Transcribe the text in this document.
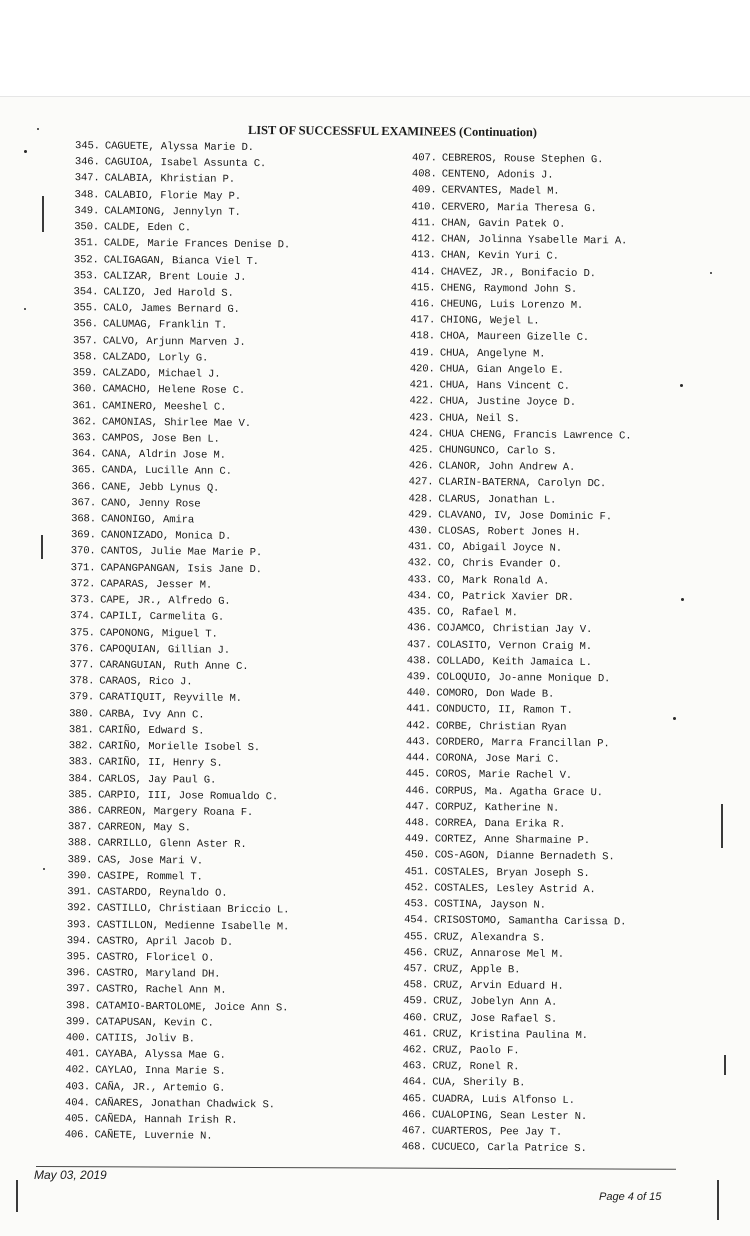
LIST OF SUCCESSFUL EXAMINEES (Continuation)
345. CAGUETE, Alyssa Marie D.
346. CAGUIOA, Isabel Assunta C.
347. CALABIA, Khristian P.
348. CALABIO, Florie May P.
349. CALAMIONG, Jennylyn T.
350. CALDE, Eden C.
351. CALDE, Marie Frances Denise D.
352. CALIGAGAN, Bianca Viel T.
353. CALIZAR, Brent Louie J.
354. CALIZO, Jed Harold S.
355. CALO, James Bernard G.
356. CALUMAG, Franklin T.
357. CALVO, Arjunn Marven J.
358. CALZADO, Lorly G.
359. CALZADO, Michael J.
360. CAMACHO, Helene Rose C.
361. CAMINERO, Meeshel C.
362. CAMONIAS, Shirlee Mae V.
363. CAMPOS, Jose Ben L.
364. CANA, Aldrin Jose M.
365. CANDA, Lucille Ann C.
366. CANE, Jebb Lynus Q.
367. CANO, Jenny Rose
368. CANONIGO, Amira
369. CANONIZADO, Monica D.
370. CANTOS, Julie Mae Marie P.
371. CAPANGPANGAN, Isis Jane D.
372. CAPARAS, Jesser M.
373. CAPE, JR., Alfredo G.
374. CAPILI, Carmelita G.
375. CAPONONG, Miguel T.
376. CAPOQUIAN, Gillian J.
377. CARANGUIAN, Ruth Anne C.
378. CARAOS, Rico J.
379. CARATIQUIT, Reyville M.
380. CARBA, Ivy Ann C.
381. CARIÑO, Edward S.
382. CARIÑO, Morielle Isobel S.
383. CARIÑO, II, Henry S.
384. CARLOS, Jay Paul G.
385. CARPIO, III, Jose Romualdo C.
386. CARREON, Margery Roana F.
387. CARREON, May S.
388. CARRILLO, Glenn Aster R.
389. CAS, Jose Mari V.
390. CASIPE, Rommel T.
391. CASTARDO, Reynaldo O.
392. CASTILLO, Christiaan Briccio L.
393. CASTILLON, Medienne Isabelle M.
394. CASTRO, April Jacob D.
395. CASTRO, Floricel O.
396. CASTRO, Maryland DH.
397. CASTRO, Rachel Ann M.
398. CATAMIO-BARTOLOME, Joice Ann S.
399. CATAPUSAN, Kevin C.
400. CATIIS, Joliv B.
401. CAYABA, Alyssa Mae G.
402. CAYLAO, Inna Marie S.
403. CAÑA, JR., Artemio G.
404. CAÑARES, Jonathan Chadwick S.
405. CAÑEDA, Hannah Irish R.
406. CAÑETE, Luvernie N.
407. CEBREROS, Rouse Stephen G.
408. CENTENO, Adonis J.
409. CERVANTES, Madel M.
410. CERVERO, Maria Theresa G.
411. CHAN, Gavin Patek O.
412. CHAN, Jolinna Ysabelle Mari A.
413. CHAN, Kevin Yuri C.
414. CHAVEZ, JR., Bonifacio D.
415. CHENG, Raymond John S.
416. CHEUNG, Luis Lorenzo M.
417. CHIONG, Wejel L.
418. CHOA, Maureen Gizelle C.
419. CHUA, Angelyne M.
420. CHUA, Gian Angelo E.
421. CHUA, Hans Vincent C.
422. CHUA, Justine Joyce D.
423. CHUA, Neil S.
424. CHUA CHENG, Francis Lawrence C.
425. CHUNGUNCO, Carlo S.
426. CLANOR, John Andrew A.
427. CLARIN-BATERNA, Carolyn DC.
428. CLARUS, Jonathan L.
429. CLAVANO, IV, Jose Dominic F.
430. CLOSAS, Robert Jones H.
431. CO, Abigail Joyce N.
432. CO, Chris Evander O.
433. CO, Mark Ronald A.
434. CO, Patrick Xavier DR.
435. CO, Rafael M.
436. COJAMCO, Christian Jay V.
437. COLASITO, Vernon Craig M.
438. COLLADO, Keith Jamaica L.
439. COLOQUIO, Jo-anne Monique D.
440. COMORO, Don Wade B.
441. CONDUCTO, II, Ramon T.
442. CORBE, Christian Ryan
443. CORDERO, Marra Francillan P.
444. CORONA, Jose Mari C.
445. COROS, Marie Rachel V.
446. CORPUS, Ma. Agatha Grace U.
447. CORPUZ, Katherine N.
448. CORREA, Dana Erika R.
449. CORTEZ, Anne Sharmaine P.
450. COS-AGON, Dianne Bernadeth S.
451. COSTALES, Bryan Joseph S.
452. COSTALES, Lesley Astrid A.
453. COSTINA, Jayson N.
454. CRISOSTOMO, Samantha Carissa D.
455. CRUZ, Alexandra S.
456. CRUZ, Annarose Mel M.
457. CRUZ, Apple B.
458. CRUZ, Arvin Eduard H.
459. CRUZ, Jobelyn Ann A.
460. CRUZ, Jose Rafael S.
461. CRUZ, Kristina Paulina M.
462. CRUZ, Paolo F.
463. CRUZ, Ronel R.
464. CUA, Sherily B.
465. CUADRA, Luis Alfonso L.
466. CUALOPING, Sean Lester N.
467. CUARTEROS, Pee Jay T.
468. CUCUECO, Carla Patrice S.
May 03, 2019
Page 4 of 15
